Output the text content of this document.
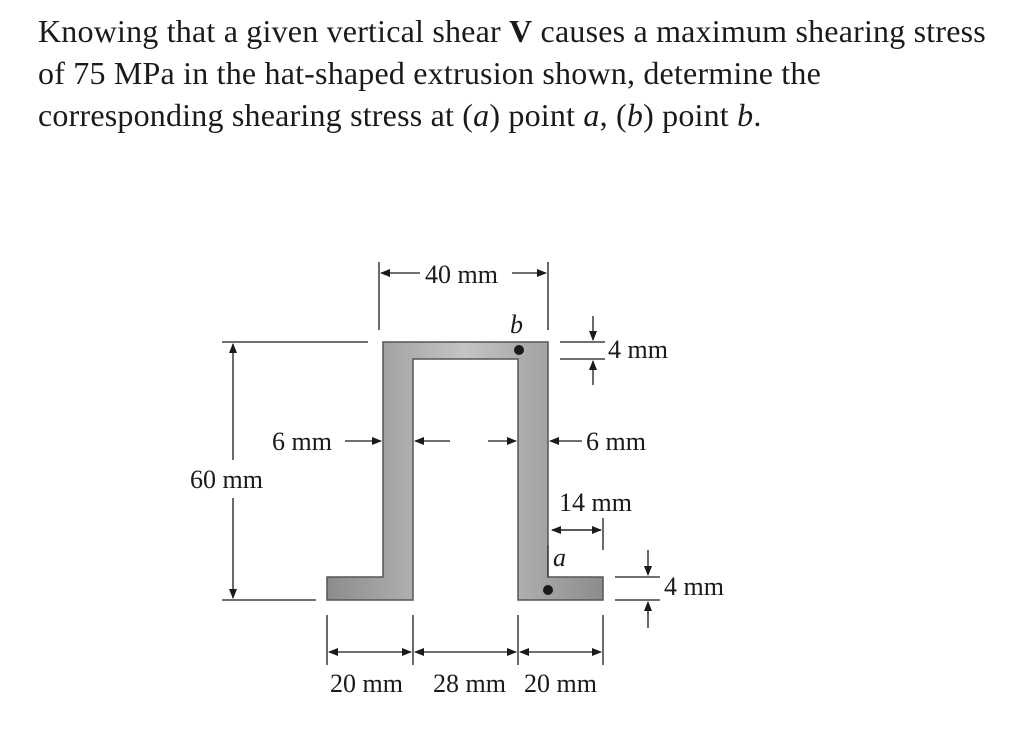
Knowing that a given vertical shear V causes a maximum shearing stress of 75 MPa in the hat-shaped extrusion shown, determine the corresponding shearing stress at (a) point a, (b) point b.
b
a
40 mm
4 mm
60 mm
6 mm	6 mm
14 mm
4 mm
20 mm 28 mm 20 mm
